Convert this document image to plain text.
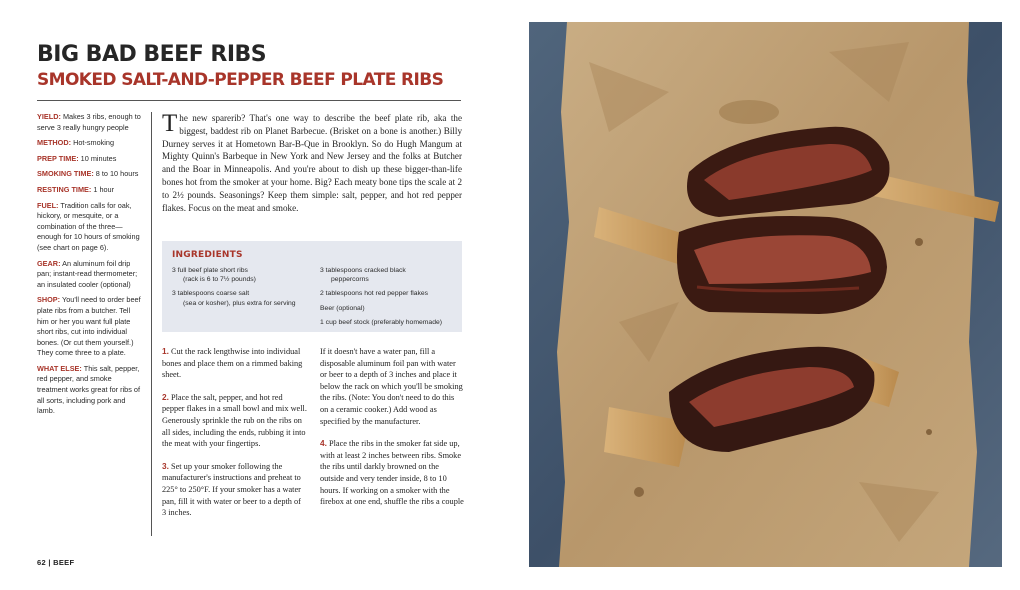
BIG BAD BEEF RIBS
SMOKED SALT-AND-PEPPER BEEF PLATE RIBS

YIELD: Makes 3 ribs, enough to serve 3 really hungry people

METHOD: Hot-smoking

PREP TIME: 10 minutes

SMOKING TIME: 8 to 10 hours

RESTING TIME: 1 hour

FUEL: Tradition calls for oak, hickory, or mesquite, or a combination of the three—enough for 10 hours of smoking (see chart on page 6).

GEAR: An aluminum foil drip pan; instant-read thermometer; an insulated cooler (optional)

SHOP: You'll need to order beef plate ribs from a butcher. Tell him or her you want full plate short ribs, cut into individual bones. (Or cut them yourself.) They come three to a plate.

WHAT ELSE: This salt, pepper, red pepper, and smoke treatment works great for ribs of all sorts, including pork and lamb.

The new sparerib? That's one way to describe the beef plate rib, aka the biggest, baddest rib on Planet Barbecue. (Brisket on a bone is another.) Billy Durney serves it at Hometown Bar-B-Que in Brooklyn. So do Hugh Mangum at Mighty Quinn's Barbeque in New York and New Jersey and the folks at Butcher and the Boar in Minneapolis. And you're about to dish up these bigger-than-life bones hot from the smoker at your home. Big? Each meaty bone tips the scale at 2 to 2½ pounds. Seasonings? Keep them simple: salt, pepper, and hot red pepper flakes. Focus on the meat and smoke.
INGREDIENTS

3 full beef plate short ribs
(rack is 6 to 7½ pounds)

3 tablespoons coarse salt
(sea or kosher), plus extra for serving

3 tablespoons cracked black
peppercorns

2 tablespoons hot red pepper flakes

Beer (optional)

1 cup beef stock (preferably homemade)

1. Cut the rack lengthwise into individual bones and place them on a rimmed baking sheet.

2. Place the salt, pepper, and hot red pepper flakes in a small bowl and mix well. Generously sprinkle the rub on the ribs on all sides, including the ends, rubbing it into the meat with your fingertips.

3. Set up your smoker following the manufacturer's instructions and preheat to 225° to 250°F. If your smoker has a water pan, fill it with water or beer to a depth of 3 inches.

If it doesn't have a water pan, fill a disposable aluminum foil pan with water or beer to a depth of 3 inches and place it below the rack on which you'll be smoking the ribs. (Note: You don't need to do this on a ceramic cooker.) Add wood as specified by the manufacturer.

4. Place the ribs in the smoker fat side up, with at least 2 inches between ribs. Smoke the ribs until darkly browned on the outside and very tender inside, 8 to 10 hours. If working on a smoker with the firebox at one end, shuffle the ribs a couple

62 | BEEF
